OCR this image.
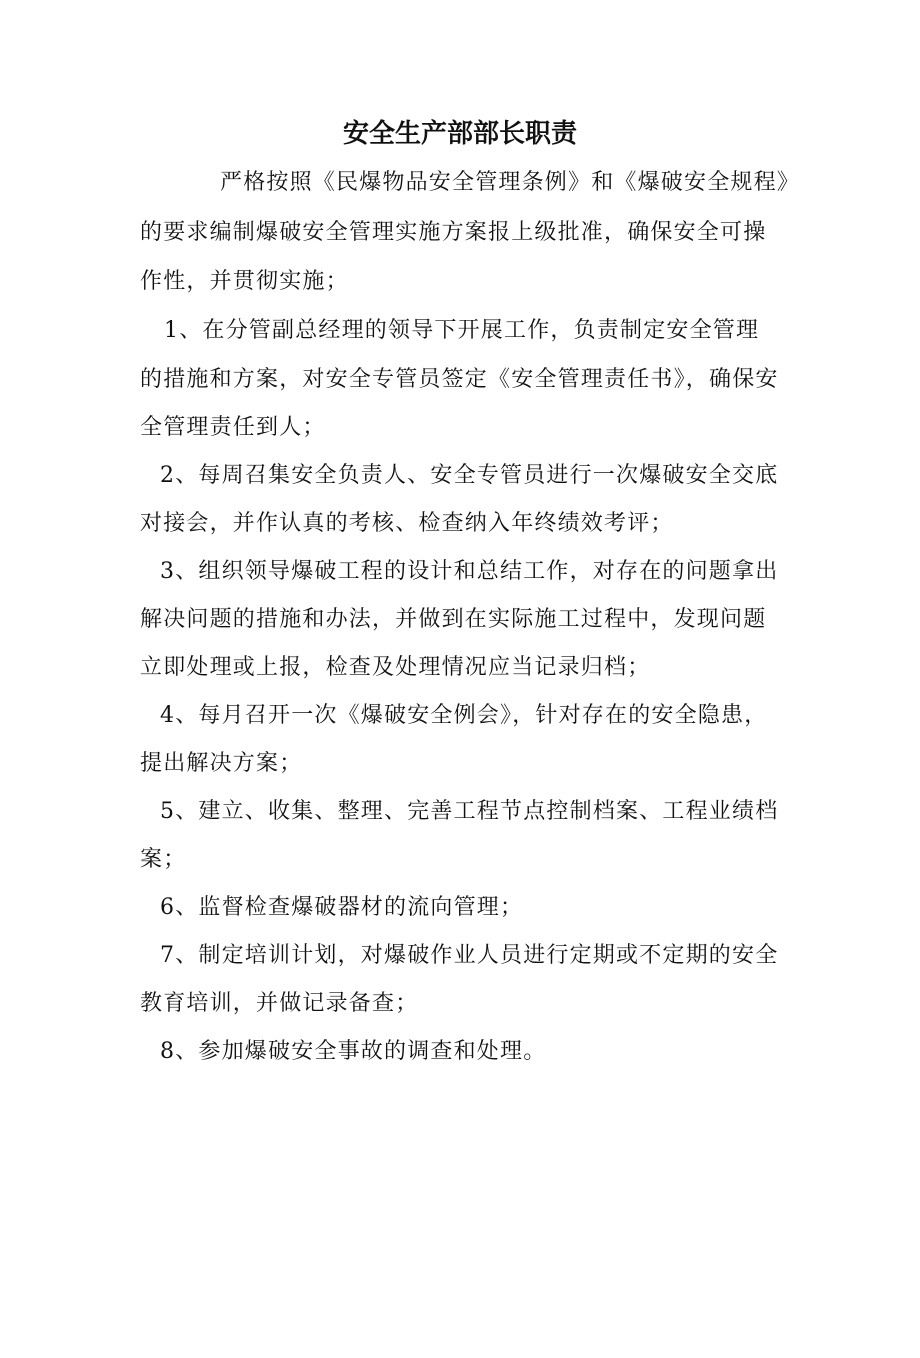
安全生产部部长职责
严格按照《民爆物品安全管理条例》和《爆破安全规程》
的要求编制爆破安全管理实施方案报上级批准，确保安全可操
作性，并贯彻实施；
1、在分管副总经理的领导下开展工作，负责制定安全管理
的措施和方案，对安全专管员签定《安全管理责任书》，确保安
全管理责任到人；
2、每周召集安全负责人、安全专管员进行一次爆破安全交底
对接会，并作认真的考核、检查纳入年终绩效考评；
3、组织领导爆破工程的设计和总结工作，对存在的问题拿出
解决问题的措施和办法，并做到在实际施工过程中，发现问题
立即处理或上报，检查及处理情况应当记录归档；
4、每月召开一次《爆破安全例会》，针对存在的安全隐患，
提出解决方案；
5、建立、收集、整理、完善工程节点控制档案、工程业绩档
案；
6、监督检查爆破器材的流向管理；
7、制定培训计划，对爆破作业人员进行定期或不定期的安全
教育培训，并做记录备查；
8、参加爆破安全事故的调查和处理。
